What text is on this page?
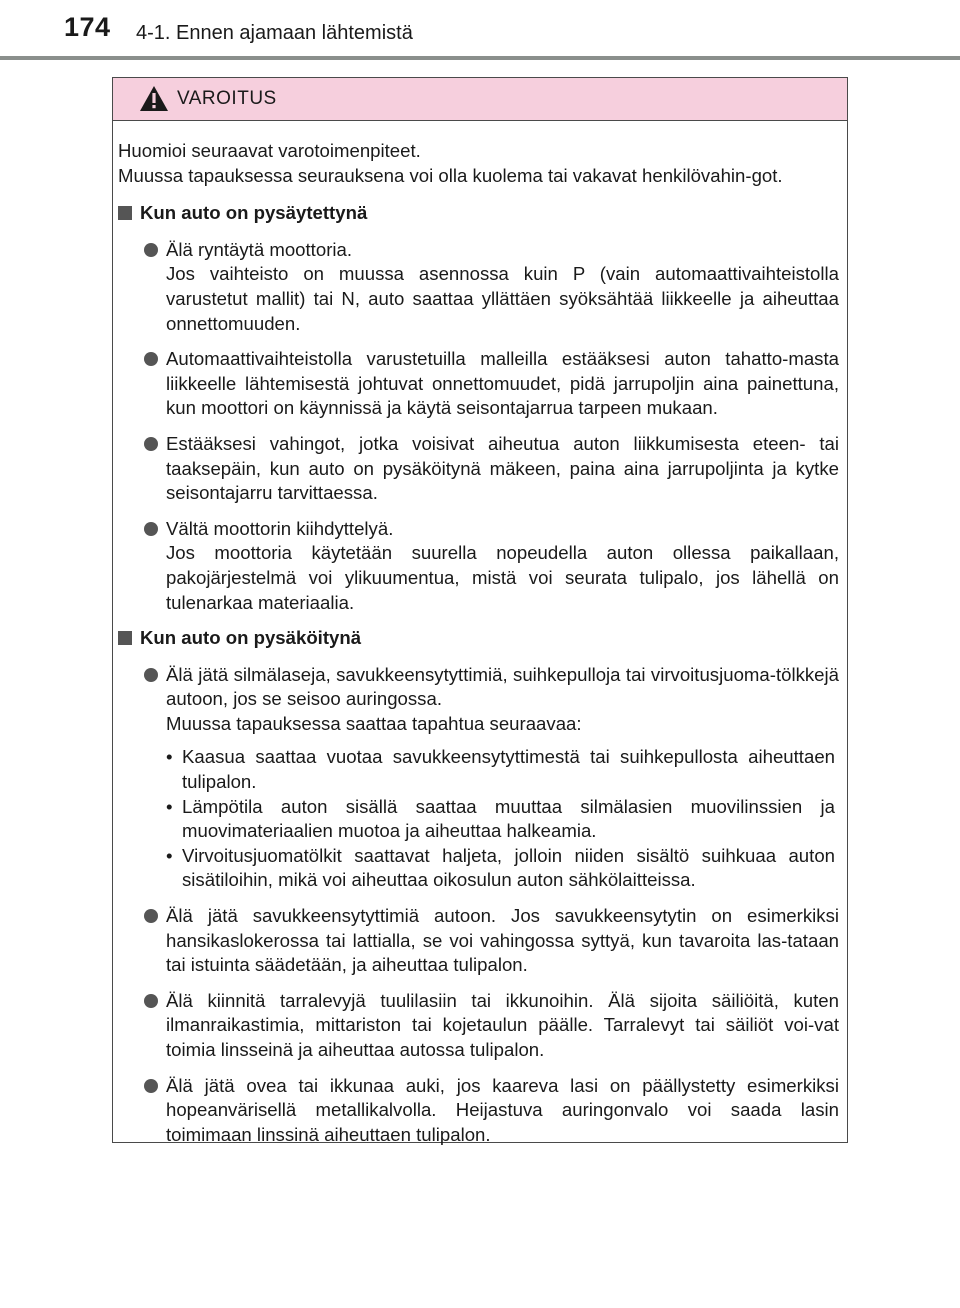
174 4-1. Ennen ajamaan lähtemistä
VAROITUS

Huomioi seuraavat varotoimenpiteet.

Muussa tapauksessa seurauksena voi olla kuolema tai vakavat henkilövahin-got.

Kun auto on pysäytettynä

Älä ryntäytä moottoria.

Jos vaihteisto on muussa asennossa kuin P (vain automaattivaihteistolla varustetut mallit) tai N, auto saattaa yllättäen syöksähtää liikkeelle ja aiheuttaa onnettomuuden.

Automaattivaihteistolla varustetuilla malleilla estääksesi auton tahatto-masta liikkeelle lähtemisestä johtuvat onnettomuudet, pidä jarrupoljin aina painettuna, kun moottori on käynnissä ja käytä seisontajarrua tarpeen mukaan.

Estääksesi vahingot, jotka voisivat aiheutua auton liikkumisesta eteen- tai taaksepäin, kun auto on pysäköitynä mäkeen, paina aina jarrupoljinta ja kytke seisontajarru tarvittaessa.

Vältä moottorin kiihdyttelyä.

Jos moottoria käytetään suurella nopeudella auton ollessa paikallaan, pakojärjestelmä voi ylikuumentua, mistä voi seurata tulipalo, jos lähellä on tulenarkaa materiaalia.

Kun auto on pysäköitynä

Älä jätä silmälaseja, savukkeensytyttimiä, suihkepulloja tai virvoitusjuoma-tölkkejä autoon, jos se seisoo auringossa.

Muussa tapauksessa saattaa tapahtua seuraavaa:

• Kaasua saattaa vuotaa savukkeensytyttimestä tai suihkepullosta aiheuttaen tulipalon.
• Lämpötila auton sisällä saattaa muuttaa silmälasien muovilinssien ja muovimateriaalien muotoa ja aiheuttaa halkeamia.
• Virvoitusjuomatölkit saattavat haljeta, jolloin niiden sisältö suihkuaa auton sisätiloihin, mikä voi aiheuttaa oikosulun auton sähkölaitteissa.

Älä jätä savukkeensytyttimiä autoon. Jos savukkeensytytin on esimerkiksi hansikaslokerossa tai lattialla, se voi vahingossa syttyä, kun tavaroita las-tataan tai istuinta säädetään, ja aiheuttaa tulipalon.

Älä kiinnitä tarralevyjä tuulilasiin tai ikkunoihin. Älä sijoita säiliöitä, kuten ilmanraikastimia, mittariston tai kojetaulun päälle. Tarralevyt tai säiliöt voi-vat toimia linsseinä ja aiheuttaa autossa tulipalon.

Älä jätä ovea tai ikkunaa auki, jos kaareva lasi on päällystetty esimerkiksi hopeanvärisellä metallikalvolla. Heijastuva auringonvalo voi saada lasin toimimaan linssinä aiheuttaen tulipalon.
